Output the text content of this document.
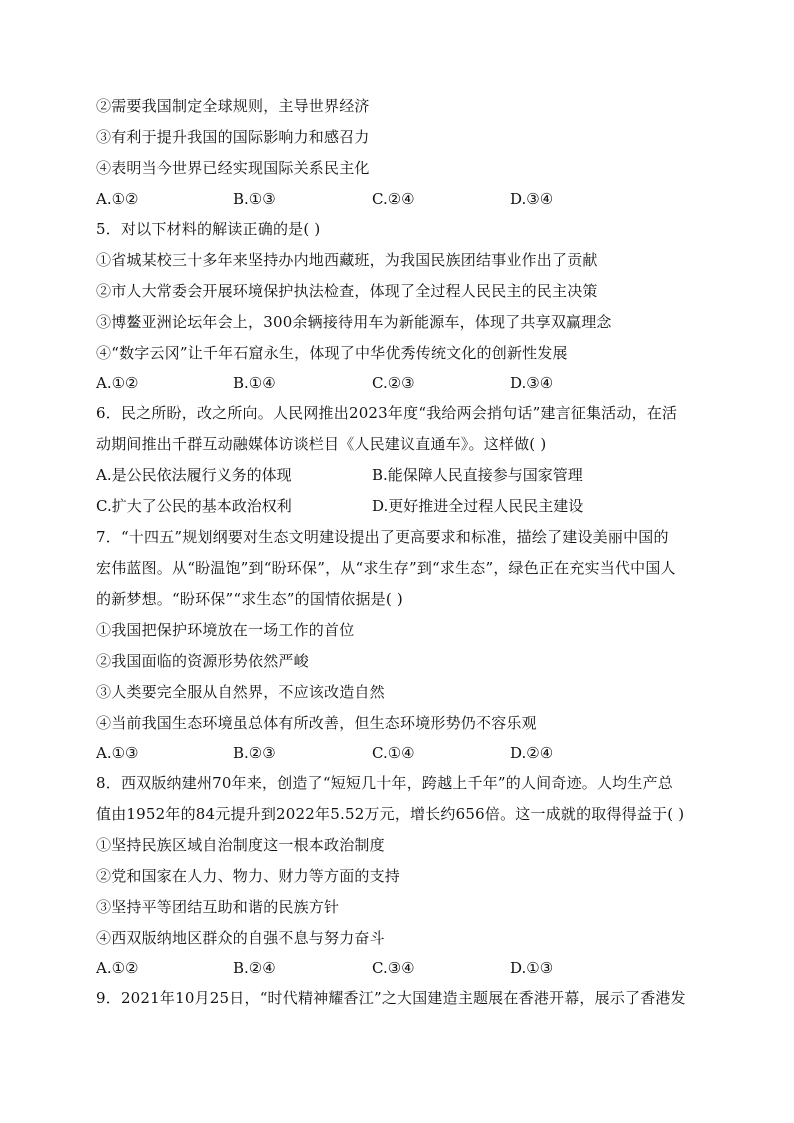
②需要我国制定全球规则，主导世界经济
③有利于提升我国的国际影响力和感召力
④表明当今世界已经实现国际关系民主化
A.①②	B.①③	C.②④	D.③④
5．对以下材料的解读正确的是( )
①省城某校三十多年来坚持办内地西藏班，为我国民族团结事业作出了贡献
②市人大常委会开展环境保护执法检查，体现了全过程人民民主的民主决策
③博鳌亚洲论坛年会上，300余辆接待用车为新能源车，体现了共享双赢理念
④“数字云冈”让千年石窟永生，体现了中华优秀传统文化的创新性发展
A.①②	B.①④	C.②③	D.③④
6．民之所盼，改之所向。人民网推出2023年度“我给两会捎句话”建言征集活动，在活
动期间推出千群互动融媒体访谈栏目《人民建议直通车》。这样做( )
A.是公民依法履行义务的体现	B.能保障人民直接参与国家管理
C.扩大了公民的基本政治权利	D.更好推进全过程人民民主建设
7．“十四五”规划纲要对生态文明建设提出了更高要求和标准，描绘了建设美丽中国的
宏伟蓝图。从“盼温饱”到“盼环保”，从“求生存”到“求生态”，绿色正在充实当代中国人
的新梦想。“盼环保”“求生态”的国情依据是( )
①我国把保护环境放在一场工作的首位
②我国面临的资源形势依然严峻
③人类要完全服从自然界，不应该改造自然
④当前我国生态环境虽总体有所改善，但生态环境形势仍不容乐观
A.①③	B.②③	C.①④	D.②④
8．西双版纳建州70年来，创造了“短短几十年，跨越上千年”的人间奇迹。人均生产总
值由1952年的84元提升到2022年5.52万元，增长约656倍。这一成就的取得得益于( )
①坚持民族区域自治制度这一根本政治制度
②党和国家在人力、物力、财力等方面的支持
③坚持平等团结互助和谐的民族方针
④西双版纳地区群众的自强不息与努力奋斗
A.①②	B.②④	C.③④	D.①③
9．2021年10月25日，“时代精神耀香江”之大国建造主题展在香港开幕，展示了香港发
